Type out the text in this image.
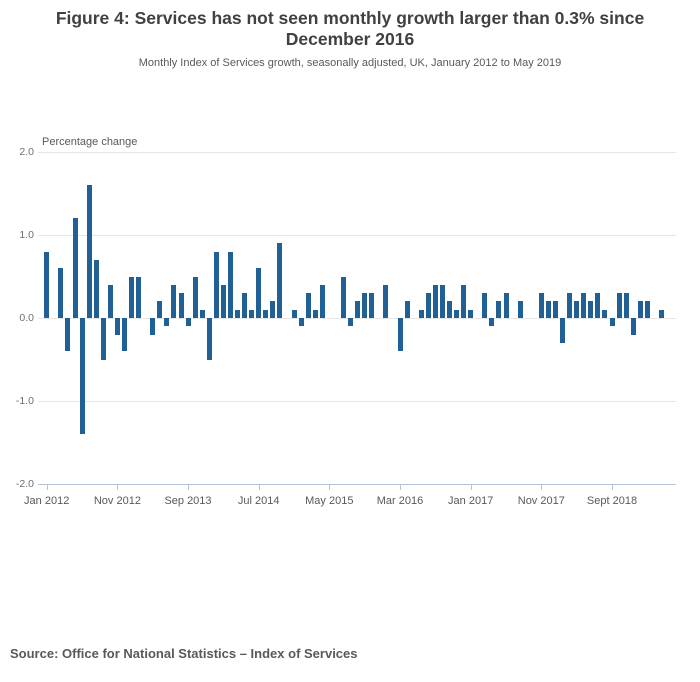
Figure 4: Services has not seen monthly growth larger than 0.3% since December 2016
Monthly Index of Services growth, seasonally adjusted, UK, January 2012 to May 2019
Percentage change
Jan 2012	Nov 2012	Sep 2013	Jul 2014	May 2015	Mar 2016	Jan 2017	Nov 2017	Sept 2018
2.0
1.0
0.0
-1.0
-2.0
Source: Office for National Statistics – Index of Services
